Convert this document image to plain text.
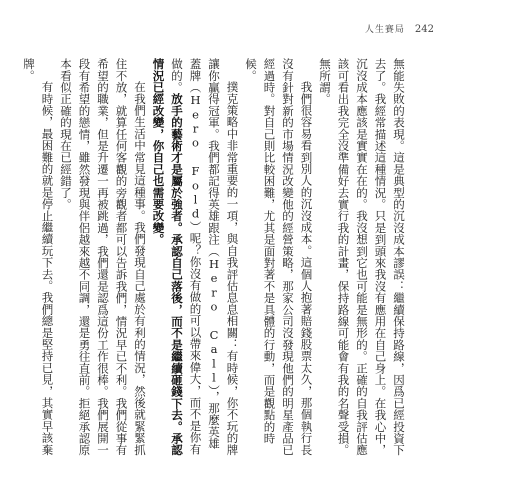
人生賽局 242

無能失敗的表現。這是典型的沉沒成本謬誤：繼續保持路線，因爲已經投資下去了。我經常描述這種情況。只是到頭來我沒有應用在自己身上。在我心中，沉沒成本應該是實實在在的。我沒想到它也可能是無形的。正確的自我評估應該可看出我完全沒準備好去實行我的計畫，保持路線可能會有我的名聲受損。無所謂。

我們很容易看到別人的沉沒成本。這個人抱著賠錢股票太久，那個執行長沒有針對新的市場情況改變他的經營策略，那家公司沒發現他們的明星產品已經過時。對自己則比較困難，尤其是面對著不是具體的行動，而是觀點的時候。

撲克策略中非常重要的一項，與自我評估息息相關：有時候，你不玩的牌讓你贏得冠軍。我們都記得英雄跟注（Hero Call），那麼英雄蓋牌（Hero Fold）呢？你沒有做的可以帶來偉大，而不是你有做的。放手的藝術才是屬於強者。承認自己落後，而不是繼續砸錢下去。承認情況已經改變，你自己也需要改變。

在我們生活中常見這種事。我們發現自己處於有利的情況，然後就緊緊抓住不放，就算任何客觀的旁觀者都可以告訴我們，情況早已不利。我們從事有希望的職業，但是升遷一再被跳過，我們還是認爲這份工作很棒。我們展開一段有希望的戀情，雖然發現與伴侶越來越不同調，還是勇往直前。拒絕承認原本看似正確的現在已經錯了。

有時候，最困難的就是停止繼續玩下去。我們總是堅持已見，其實早該棄牌。
